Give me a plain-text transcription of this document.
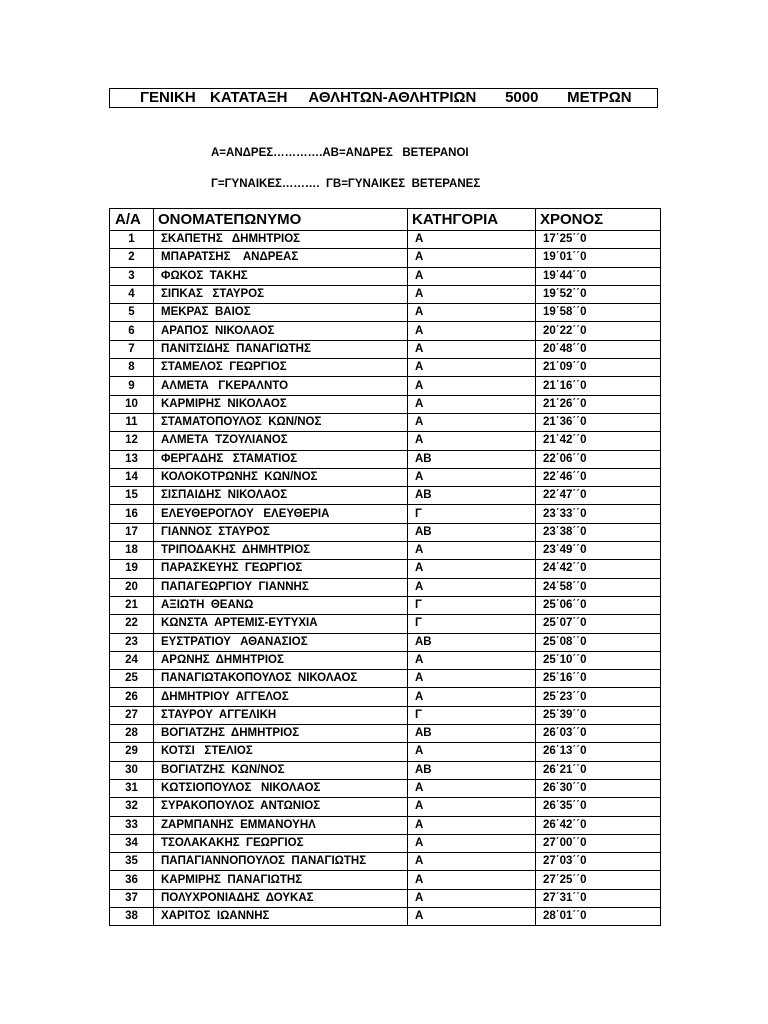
ΓΕΝΙΚΗ  ΚΑΤΑΤΑΞΗ   ΑΘΛΗΤΩΝ-ΑΘΛΗΤΡΙΩΝ    5000    ΜΕΤΡΩΝ
Α=ΑΝΔΡΕΣ………….ΑΒ=ΑΝΔΡΕΣ   ΒΕΤΕΡΑΝΟΙ
Γ=ΓΥΝΑΙΚΕΣ……….  ΓΒ=ΓΥΝΑΙΚΕΣ  ΒΕΤΕΡΑΝΕΣ
Α/Α	ΟΝΟΜΑΤΕΠΩΝΥΜΟ	ΚΑΤΗΓΟΡΙΑ	ΧΡΟΝΟΣ
1	ΣΚΑΠΕΤΗΣ   ΔΗΜΗΤΡΙΟΣ	Α	17΄25΄΄0
2	ΜΠΑΡΑΤΣΗΣ    ΑΝΔΡΕΑΣ	Α	19΄01΄΄0
3	ΦΩΚΟΣ  ΤΑΚΗΣ	Α	19΄44΄΄0
4	ΣΙΠΚΑΣ   ΣΤΑΥΡΟΣ	Α	19΄52΄΄0
5	ΜΕΚΡΑΣ  ΒΑΙΟΣ	Α	19΄58΄΄0
6	ΑΡΑΠΟΣ  ΝΙΚΟΛΑΟΣ	Α	20΄22΄΄0
7	ΠΑΝΙΤΣΙΔΗΣ  ΠΑΝΑΓΙΩΤΗΣ	Α	20΄48΄΄0
8	ΣΤΑΜΕΛΟΣ  ΓΕΩΡΓΙΟΣ	Α	21΄09΄΄0
9	ΑΛΜΕΤΑ   ΓΚΕΡΑΛΝΤΟ	Α	21΄16΄΄0
10	ΚΑΡΜΙΡΗΣ  ΝΙΚΟΛΑΟΣ	Α	21΄26΄΄0
11	ΣΤΑΜΑΤΟΠΟΥΛΟΣ  ΚΩΝ/ΝΟΣ	Α	21΄36΄΄0
12	ΑΛΜΕΤΑ  ΤΖΟΥΛΙΑΝΟΣ	Α	21΄42΄΄0
13	ΦΕΡΓΑΔΗΣ   ΣΤΑΜΑΤΙΟΣ	ΑΒ	22΄06΄΄0
14	ΚΟΛΟΚΟΤΡΩΝΗΣ  ΚΩΝ/ΝΟΣ	Α	22΄46΄΄0
15	ΣΙΣΠΑΙΔΗΣ  ΝΙΚΟΛΑΟΣ	ΑΒ	22΄47΄΄0
16	ΕΛΕΥΘΕΡΟΓΛΟΥ   ΕΛΕΥΘΕΡΙΑ	Γ	23΄33΄΄0
17	ΓΙΑΝΝΟΣ  ΣΤΑΥΡΟΣ	ΑΒ	23΄38΄΄0
18	ΤΡΙΠΟΔΑΚΗΣ  ΔΗΜΗΤΡΙΟΣ	Α	23΄49΄΄0
19	ΠΑΡΑΣΚΕΥΗΣ  ΓΕΩΡΓΙΟΣ	Α	24΄42΄΄0
20	ΠΑΠΑΓΕΩΡΓΙΟΥ  ΓΙΑΝΝΗΣ	Α	24΄58΄΄0
21	ΑΞΙΩΤΗ  ΘΕΑΝΩ	Γ	25΄06΄΄0
22	ΚΩΝΣΤΑ  ΑΡΤΕΜΙΣ-ΕΥΤΥΧΙΑ	Γ	25΄07΄΄0
23	ΕΥΣΤΡΑΤΙΟΥ   ΑΘΑΝΑΣΙΟΣ	ΑΒ	25΄08΄΄0
24	ΑΡΩΝΗΣ  ΔΗΜΗΤΡΙΟΣ	Α	25΄10΄΄0
25	ΠΑΝΑΓΙΩΤΑΚΟΠΟΥΛΟΣ  ΝΙΚΟΛΑΟΣ	Α	25΄16΄΄0
26	ΔΗΜΗΤΡΙΟΥ  ΑΓΓΕΛΟΣ	Α	25΄23΄΄0
27	ΣΤΑΥΡΟΥ  ΑΓΓΕΛΙΚΗ	Γ	25΄39΄΄0
28	ΒΟΓΙΑΤΖΗΣ  ΔΗΜΗΤΡΙΟΣ	ΑΒ	26΄03΄΄0
29	ΚΟΤΣΙ   ΣΤΕΛΙΟΣ	Α	26΄13΄΄0
30	ΒΟΓΙΑΤΖΗΣ  ΚΩΝ/ΝΟΣ	ΑΒ	26΄21΄΄0
31	ΚΩΤΣΙΟΠΟΥΛΟΣ   ΝΙΚΟΛΑΟΣ	Α	26΄30΄΄0
32	ΣΥΡΑΚΟΠΟΥΛΟΣ  ΑΝΤΩΝΙΟΣ	Α	26΄35΄΄0
33	ΖΑΡΜΠΑΝΗΣ  ΕΜΜΑΝΟΥΗΛ	Α	26΄42΄΄0
34	ΤΣΟΛΑΚΑΚΗΣ  ΓΕΩΡΓΙΟΣ	Α	27΄00΄΄0
35	ΠΑΠΑΓΙΑΝΝΟΠΟΥΛΟΣ  ΠΑΝΑΓΙΩΤΗΣ	Α	27΄03΄΄0
36	ΚΑΡΜΙΡΗΣ  ΠΑΝΑΓΙΩΤΗΣ	Α	27΄25΄΄0
37	ΠΟΛΥΧΡΟΝΙΑΔΗΣ  ΔΟΥΚΑΣ	Α	27΄31΄΄0
38	ΧΑΡΙΤΟΣ  ΙΩΑΝΝΗΣ	Α	28΄01΄΄0
